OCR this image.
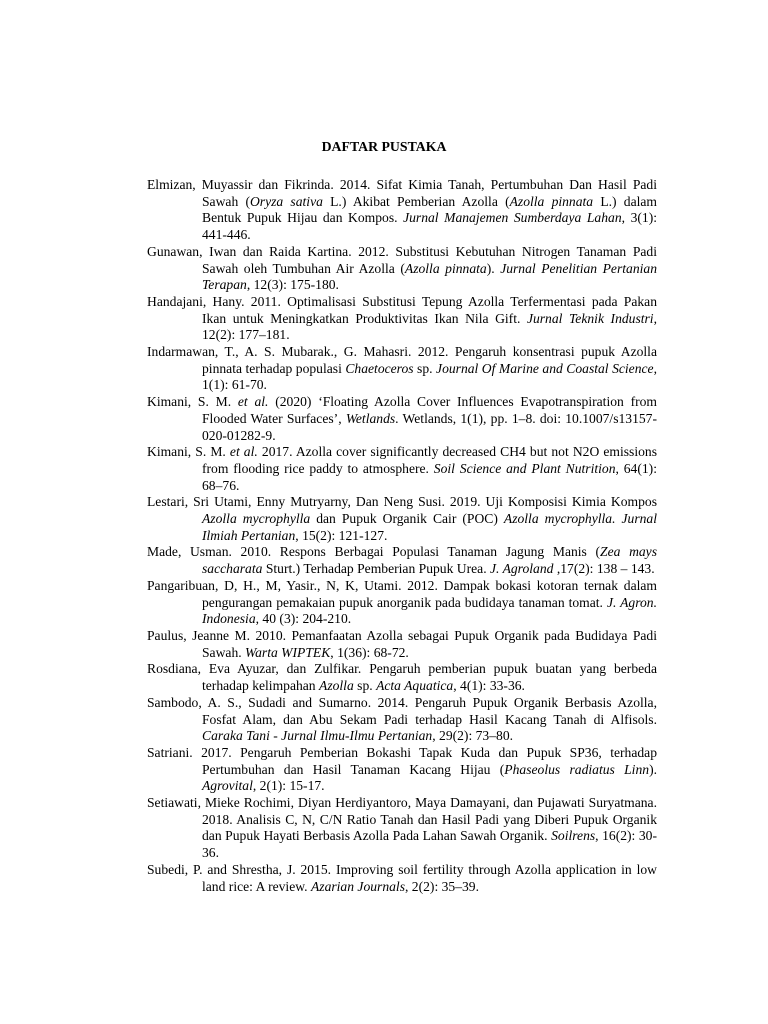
DAFTAR PUSTAKA

Elmizan, Muyassir dan Fikrinda. 2014. Sifat Kimia Tanah, Pertumbuhan Dan Hasil Padi Sawah (Oryza sativa L.) Akibat Pemberian Azolla (Azolla pinnata L.) dalam Bentuk Pupuk Hijau dan Kompos. Jurnal Manajemen Sumberdaya Lahan, 3(1): 441-446.

Gunawan, Iwan dan Raida Kartina. 2012. Substitusi Kebutuhan Nitrogen Tanaman Padi Sawah oleh Tumbuhan Air Azolla (Azolla pinnata). Jurnal Penelitian Pertanian Terapan, 12(3): 175-180.

Handajani, Hany. 2011. Optimalisasi Substitusi Tepung Azolla Terfermentasi pada Pakan Ikan untuk Meningkatkan Produktivitas Ikan Nila Gift. Jurnal Teknik Industri, 12(2): 177–181.

Indarmawan, T., A. S. Mubarak., G. Mahasri. 2012. Pengaruh konsentrasi pupuk Azolla pinnata terhadap populasi Chaetoceros sp. Journal Of Marine and Coastal Science, 1(1): 61-70.

Kimani, S. M. et al. (2020) ‘Floating Azolla Cover Influences Evapotranspiration from Flooded Water Surfaces’, Wetlands. Wetlands, 1(1), pp. 1–8. doi: 10.1007/s13157-020-01282-9.

Kimani, S. M. et al. 2017. Azolla cover significantly decreased CH4 but not N2O emissions from flooding rice paddy to atmosphere. Soil Science and Plant Nutrition, 64(1): 68–76.

Lestari, Sri Utami, Enny Mutryarny, Dan Neng Susi. 2019. Uji Komposisi Kimia Kompos Azolla mycrophylla dan Pupuk Organik Cair (POC) Azolla mycrophylla. Jurnal Ilmiah Pertanian, 15(2): 121-127.

Made, Usman. 2010. Respons Berbagai Populasi Tanaman Jagung Manis (Zea mays saccharata Sturt.) Terhadap Pemberian Pupuk Urea. J. Agroland ,17(2): 138 – 143.

Pangaribuan, D, H., M, Yasir., N, K, Utami. 2012. Dampak bokasi kotoran ternak dalam pengurangan pemakaian pupuk anorganik pada budidaya tanaman tomat. J. Agron. Indonesia, 40 (3): 204-210.

Paulus, Jeanne M. 2010. Pemanfaatan Azolla sebagai Pupuk Organik pada Budidaya Padi Sawah. Warta WIPTEK, 1(36): 68-72.

Rosdiana, Eva Ayuzar, dan Zulfikar. Pengaruh pemberian pupuk buatan yang berbeda terhadap kelimpahan Azolla sp. Acta Aquatica, 4(1): 33-36.

Sambodo, A. S., Sudadi and Sumarno. 2014. Pengaruh Pupuk Organik Berbasis Azolla, Fosfat Alam, dan Abu Sekam Padi terhadap Hasil Kacang Tanah di Alfisols. Caraka Tani - Jurnal Ilmu-Ilmu Pertanian, 29(2): 73–80.

Satriani. 2017. Pengaruh Pemberian Bokashi Tapak Kuda dan Pupuk SP36, terhadap Pertumbuhan dan Hasil Tanaman Kacang Hijau (Phaseolus radiatus Linn). Agrovital, 2(1): 15-17.

Setiawati, Mieke Rochimi, Diyan Herdiyantoro, Maya Damayani, dan Pujawati Suryatmana. 2018. Analisis C, N, C/N Ratio Tanah dan Hasil Padi yang Diberi Pupuk Organik dan Pupuk Hayati Berbasis Azolla Pada Lahan Sawah Organik. Soilrens, 16(2): 30-36.

Subedi, P. and Shrestha, J. 2015. Improving soil fertility through Azolla application in low land rice: A review. Azarian Journals, 2(2): 35–39.
